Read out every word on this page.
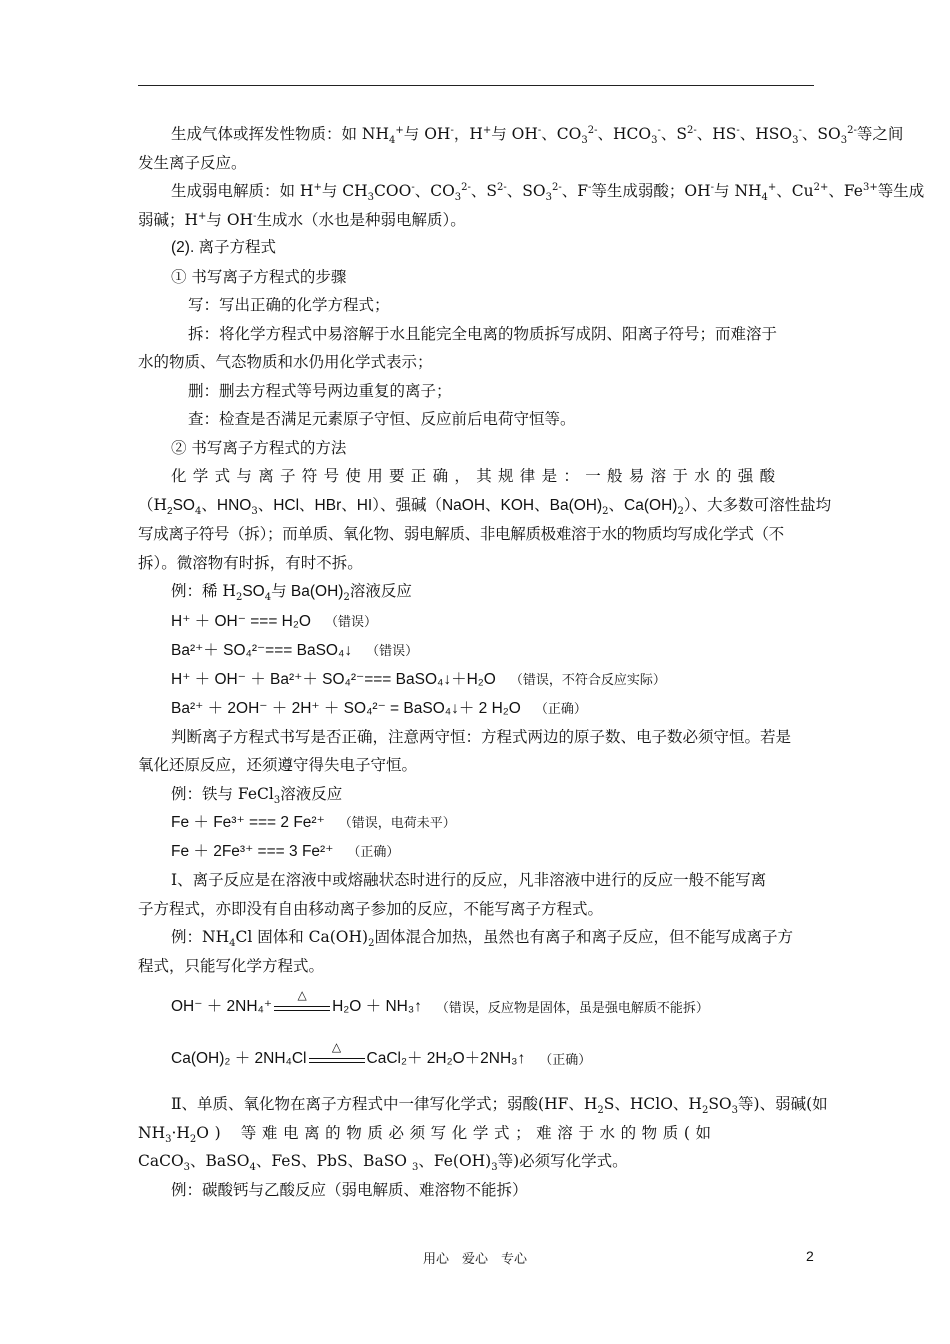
生成气体或挥发性物质：如 $NH_4^+$与 OH-，H+与 OH-、$CO_3^{2-}$、$HCO_3^-$、$S^{2-}$、HS-、$HSO_3^-$、$SO_3^{2-}$等之间

发生离子反应。

生成弱电解质：如 H+与 $CH_3COO^-$、$CO_3^{2-}$、$S^{2-}$、$SO_3^{2-}$、F-等生成弱酸；OH-与 $NH_4^+$、$Cu^{2+}$、$Fe^{3+}$等生成

弱碱；H+与 OH-生成水（水也是种弱电解质）。

(2). 离子方程式

① 书写离子方程式的步骤

写：写出正确的化学方程式；

拆：将化学方程式中易溶解于水且能完全电离的物质拆写成阴、阳离子符号；而难溶于

水的物质、气态物质和水仍用化学式表示；

删：删去方程式等号两边重复的离子；

查：检查是否满足元素原子守恒、反应前后电荷守恒等。

② 书写离子方程式的方法

化学式与离子符号使用要正确，其规律是：一般易溶于水的强酸

（$H_2SO_4$、$HNO_3$、HCl、HBr、HI）、强碱（NaOH、KOH、$Ba(OH)_2$、$Ca(OH)_2$）、大多数可溶性盐均

写成离子符号（拆）；而单质、氧化物、弱电解质、非电解质极难溶于水的物质均写成化学式（不

拆）。微溶物有时拆，有时不拆。

例：稀 $H_2SO_4$与 $Ba(OH)_2$溶液反应

H⁺ ＋ OH⁻ === H₂O （错误）
Ba²⁺＋ SO₄²⁻=== BaSO₄↓ （错误）
H⁺ ＋ OH⁻ ＋ Ba²⁺＋ SO₄²⁻=== BaSO₄↓＋H₂O （错误，不符合反应实际）
Ba²⁺ ＋ 2OH⁻ ＋ 2H⁺ ＋ SO₄²⁻ = BaSO₄↓＋ 2 H₂O （正确）

判断离子方程式书写是否正确，注意两守恒：方程式两边的原子数、电子数必须守恒。若是

氧化还原反应，还须遵守得失电子守恒。

例：铁与 FeCl$_3$溶液反应

Fe ＋ Fe³⁺ === 2 Fe²⁺ （错误，电荷未平）
Fe ＋ 2Fe³⁺ === 3 Fe²⁺ （正确）

Ⅰ、离子反应是在溶液中或熔融状态时进行的反应，凡非溶液中进行的反应一般不能写离

子方程式，亦即没有自由移动离子参加的反应，不能写离子方程式。

例：$NH_4Cl$ 固体和 $Ca(OH)_2$固体混合加热，虽然也有离子和离子反应，但不能写成离子方

程式，只能写化学方程式。

OH⁻ ＋ 2NH₄⁺
△
H₂O ＋ NH₃↑ （错误，反应物是固体，虽是强电解质不能拆）
Ca(OH)₂ ＋ 2NH₄Cl
△
CaCl₂＋ 2H₂O＋2NH₃↑ （正确）

Ⅱ、单质、氧化物在离子方程式中一律写化学式；弱酸(HF、$H_2S$、HClO、$H_2SO_3$等)、弱碱(如

$NH_3\cdot H_2O$) 等难电离的物质必须写化学式；难溶于水的物质(如

CaCO$_3$、BaSO$_4$、FeS、PbS、BaSO $_3$、$Fe(OH)_3$等)必须写化学式。

例：碳酸钙与乙酸反应（弱电解质、难溶物不能拆）

用心　爱心　专心	2
